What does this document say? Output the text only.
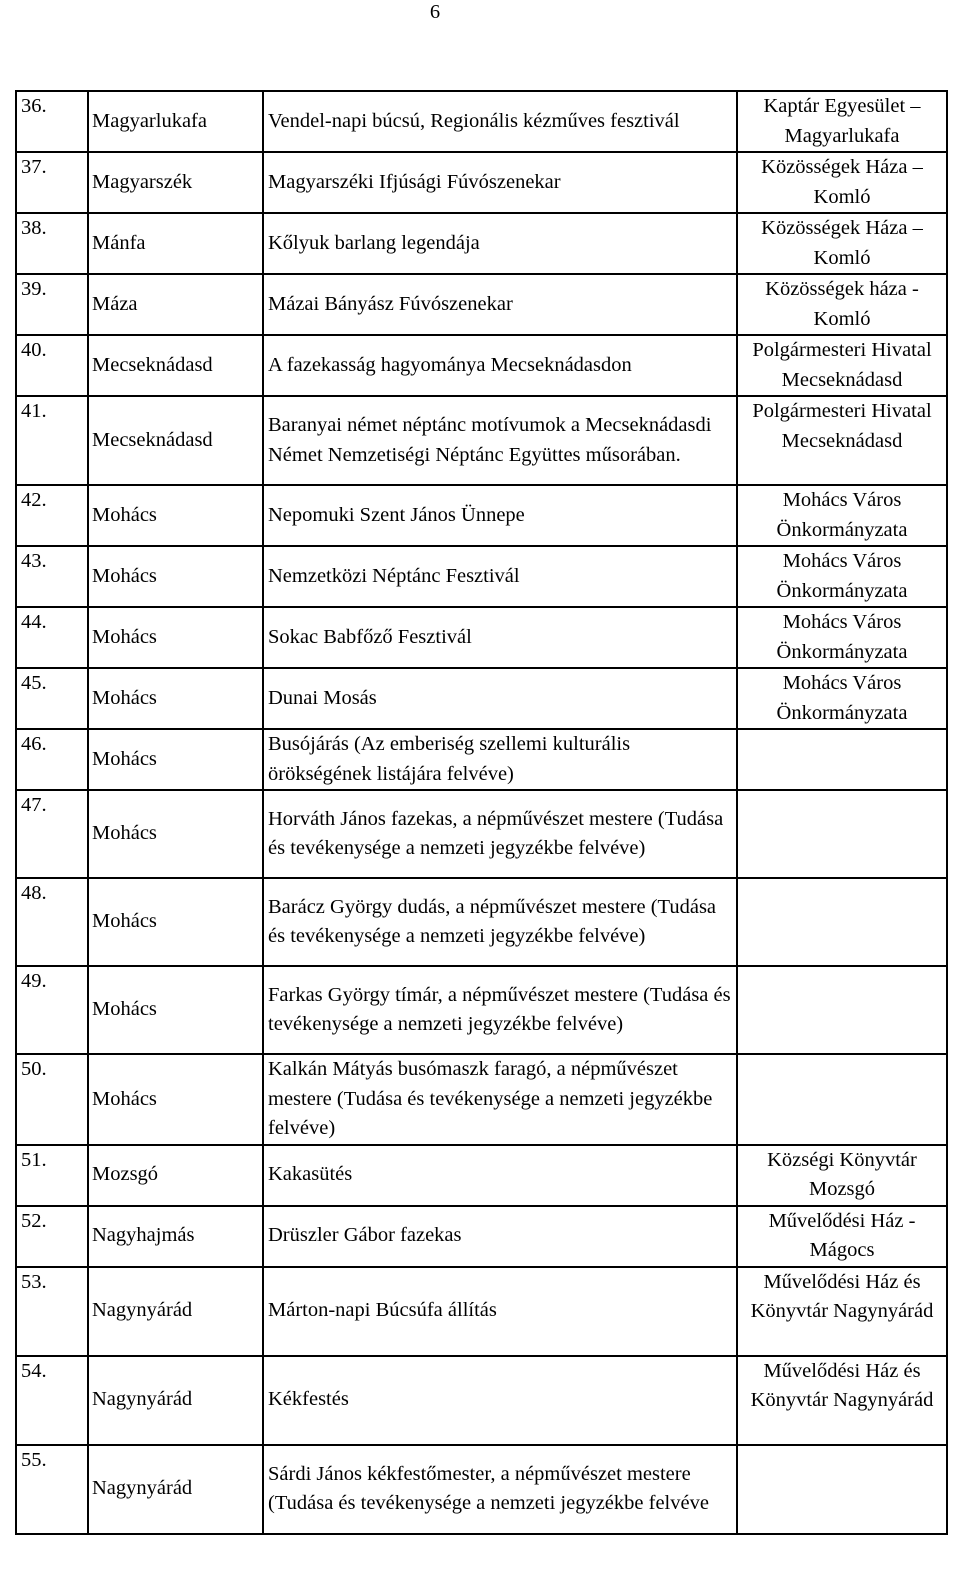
6
36.	Magyarlukafa	Vendel-napi búcsú, Regionális kézműves fesztivál	Kaptár Egyesület – Magyarlukafa
37.	Magyarszék	Magyarszéki Ifjúsági Fúvószenekar	Közösségek Háza – Komló
38.	Mánfa	Kőlyuk barlang legendája	Közösségek Háza – Komló
39.	Máza	Mázai Bányász Fúvószenekar	Közösségek háza - Komló
40.	Mecseknádasd	A fazekasság hagyománya Mecseknádasdon	Polgármesteri Hivatal Mecseknádasd
41.	Mecseknádasd	Baranyai német néptánc motívumok a Mecseknádasdi Német Nemzetiségi Néptánc Együttes műsorában.	Polgármesteri Hivatal Mecseknádasd
42.	Mohács	Nepomuki Szent János Ünnepe	Mohács Város Önkormányzata
43.	Mohács	Nemzetközi Néptánc Fesztivál	Mohács Város Önkormányzata
44.	Mohács	Sokac Babfőző Fesztivál	Mohács Város Önkormányzata
45.	Mohács	Dunai Mosás	Mohács Város Önkormányzata
46.	Mohács	Busójárás (Az emberiség szellemi kulturális örökségének listájára felvéve)	
47.	Mohács	Horváth János fazekas, a népművészet mestere (Tudása és tevékenysége a nemzeti jegyzékbe felvéve)	
48.	Mohács	Barácz György dudás, a népművészet mestere (Tudása és tevékenysége a nemzeti jegyzékbe felvéve)	
49.	Mohács	Farkas György tímár, a népművészet mestere (Tudása és tevékenysége a nemzeti jegyzékbe felvéve)	
50.	Mohács	Kalkán Mátyás busómaszk faragó, a népművészet mestere (Tudása és tevékenysége a nemzeti jegyzékbe felvéve)	
51.	Mozsgó	Kakasütés	Községi Könyvtár Mozsgó
52.	Nagyhajmás	Drüszler Gábor fazekas	Művelődési Ház - Mágocs
53.	Nagynyárád	Márton-napi Búcsúfa állítás	Művelődési Ház és Könyvtár Nagynyárád
54.	Nagynyárád	Kékfestés	Művelődési Ház és Könyvtár Nagynyárád
55.	Nagynyárád	Sárdi János kékfestőmester, a népművészet mestere (Tudása és tevékenysége a nemzeti jegyzékbe felvéve	
